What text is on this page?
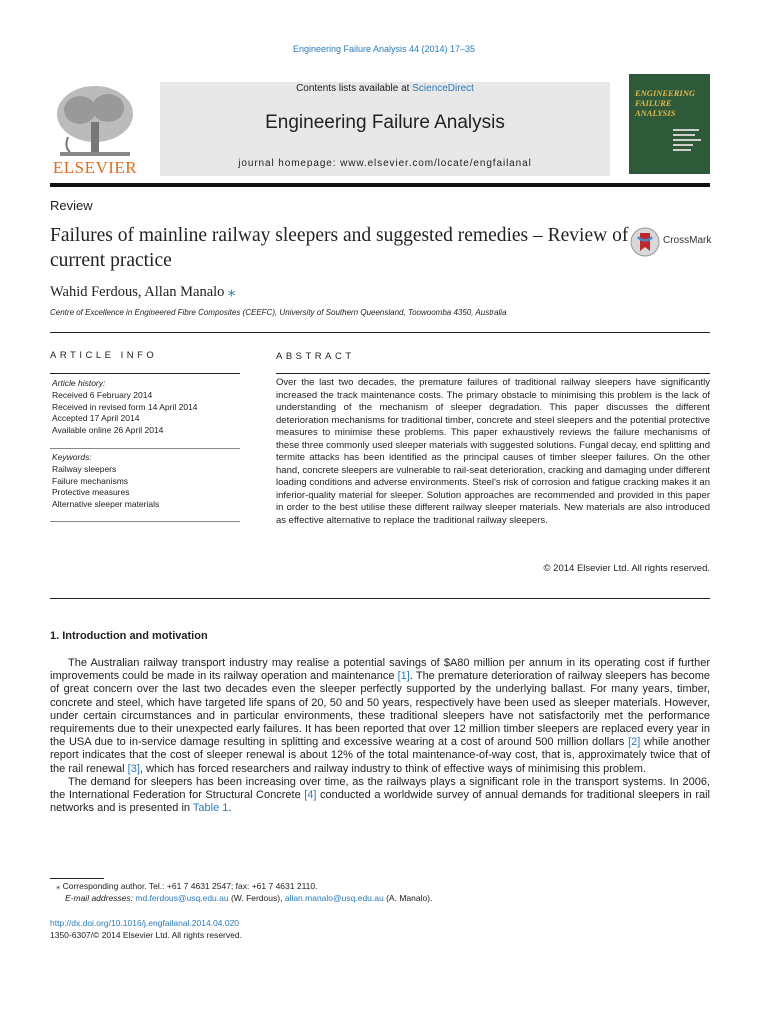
Engineering Failure Analysis 44 (2014) 17–35
ELSEVIER
Contents lists available at ScienceDirect
Engineering Failure Analysis
journal homepage: www.elsevier.com/locate/engfailanal
ENGINEERING
FAILURE
ANALYSIS
Review
Failures of mainline railway sleepers and suggested remedies – Review of current practice
CrossMark
Wahid Ferdous, Allan Manalo ⁎
Centre of Excellence in Engineered Fibre Composites (CEEFC), University of Southern Queensland, Toowoomba 4350, Australia
ARTICLE INFO	ABSTRACT
Article history:
Received 6 February 2014
Received in revised form 14 April 2014
Accepted 17 April 2014
Available online 26 April 2014
Keywords:
Railway sleepers
Failure mechanisms
Protective measures
Alternative sleeper materials
Over the last two decades, the premature failures of traditional railway sleepers have significantly increased the track maintenance costs. The primary obstacle to minimising this problem is the lack of understanding of the mechanism of sleeper degradation. This paper discusses the different deterioration mechanisms for traditional timber, concrete and steel sleepers and the potential protective measures to minimise these problems. This paper exhaustively reviews the failure mechanisms of these three commonly used sleeper materials with suggested solutions. Fungal decay, end splitting and termite attacks has been identified as the principal causes of timber sleeper failures. On the other hand, concrete sleepers are vulnerable to rail-seat deterioration, cracking and damaging under different loading conditions and adverse environments. Steel's risk of corrosion and fatigue cracking makes it an inferior-quality material for sleeper. Solution approaches are recommended and provided in this paper in order to the best utilise these different railway sleeper materials. New materials are also introduced as effective alternative to replace the traditional railway sleepers.
© 2014 Elsevier Ltd. All rights reserved.
1. Introduction and motivation

The Australian railway transport industry may realise a potential savings of $A80 million per annum in its operating cost if further improvements could be made in its railway operation and maintenance [1]. The premature deterioration of railway sleepers has become of great concern over the last two decades even the sleeper perfectly supported by the underlying ballast. For many years, timber, concrete and steel, which have targeted life spans of 20, 50 and 50 years, respectively have been used as sleeper materials. However, under certain circumstances and in particular environments, these traditional sleepers have not satisfactorily met the performance requirements due to their unexpected early failures. It has been reported that over 12 million timber sleepers are replaced every year in the USA due to in-service damage resulting in splitting and excessive wearing at a cost of around 500 million dollars [2] while another report indicates that the cost of sleeper renewal is about 12% of the total maintenance-of-way cost, that is, approximately twice that of the rail renewal [3], which has forced researchers and railway industry to think of effective ways of minimising this problem.

The demand for sleepers has been increasing over time, as the railways plays a significant role in the transport systems. In 2006, the International Federation for Structural Concrete [4] conducted a worldwide survey of annual demands for traditional sleepers in rail networks and is presented in Table 1.

⁎ Corresponding author. Tel.: +61 7 4631 2547; fax: +61 7 4631 2110.
E-mail addresses: md.ferdous@usq.edu.au (W. Ferdous), allan.manalo@usq.edu.au (A. Manalo).
http://dx.doi.org/10.1016/j.engfailanal.2014.04.020
1350-6307/© 2014 Elsevier Ltd. All rights reserved.
